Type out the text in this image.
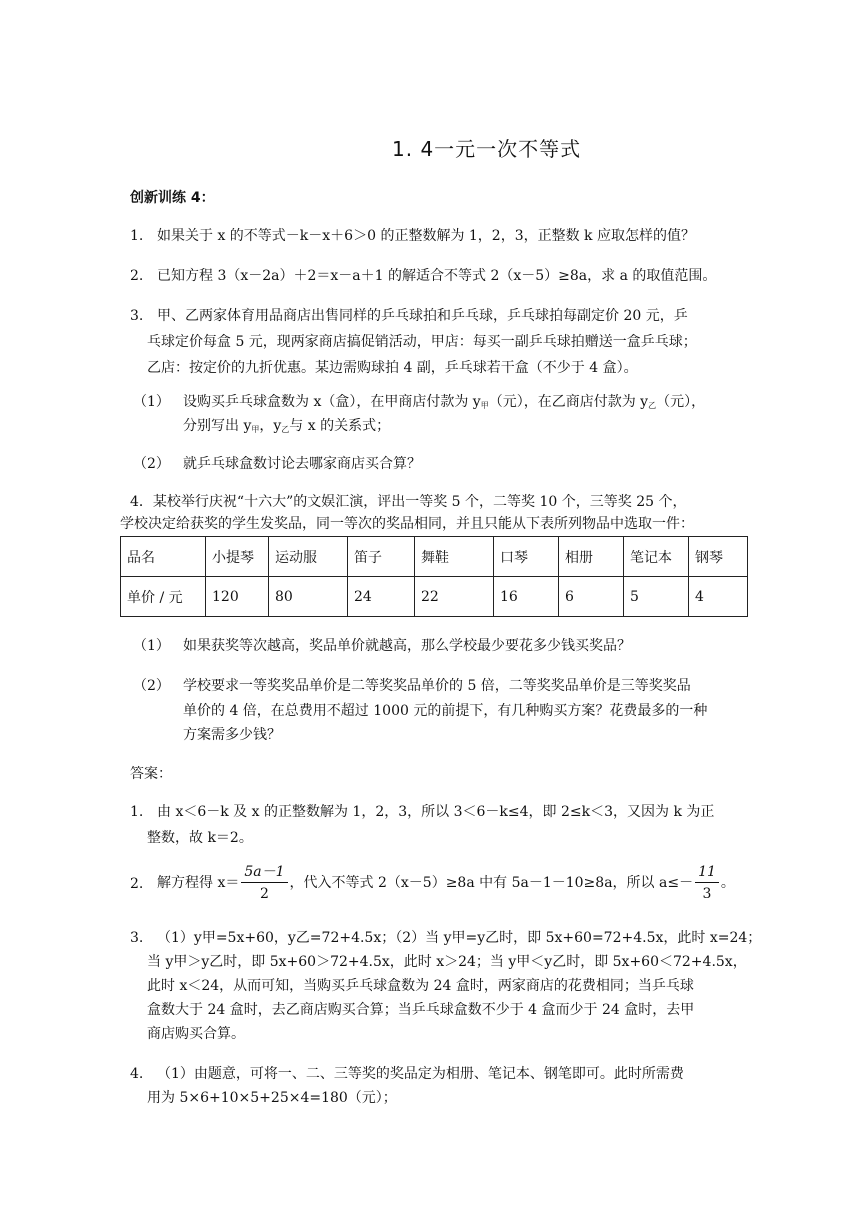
1. 4一元一次不等式
创新训练 4：
1. 如果关于 x 的不等式－k－x＋6＞0 的正整数解为 1，2，3，正整数 k 应取怎样的值？
2. 已知方程 3（x－2a）＋2＝x－a＋1 的解适合不等式 2（x－5）≥8a，求 a 的取值范围。
3. 甲、乙两家体育用品商店出售同样的乒乓球拍和乒乓球，乒乓球拍每副定价 20 元，乒
乓球定价每盒 5 元，现两家商店搞促销活动，甲店：每买一副乒乓球拍赠送一盒乒乓球；
乙店：按定价的九折优惠。某边需购球拍 4 副，乒乓球若干盒（不少于 4 盒）。
（1） 设购买乒乓球盒数为 x（盒），在甲商店付款为 $y_甲$（元），在乙商店付款为 $y_乙$（元），
分别写出 $y_甲$，$y_乙$与 x 的关系式；
（2） 就乒乓球盒数讨论去哪家商店买合算？
4．某校举行庆祝“十六大”的文娱汇演，评出一等奖 5 个，二等奖 10 个，三等奖 25 个，
学校决定给获奖的学生发奖品，同一等次的奖品相同，并且只能从下表所列物品中选取一件：
品名	小提琴	运动服	笛子	舞鞋	口琴	相册	笔记本	钢琴
单价 / 元	120	80	24	22	16	6	5	4
（1） 如果获奖等次越高，奖品单价就越高，那么学校最少要花多少钱买奖品？
（2） 学校要求一等奖奖品单价是二等奖奖品单价的 5 倍，二等奖奖品单价是三等奖奖品
单价的 4 倍，在总费用不超过 1000 元的前提下，有几种购买方案？花费最多的一种
方案需多少钱？
答案：
1. 由 x＜6－k 及 x 的正整数解为 1，2，3，所以 3＜6－k≤4，即 2≤k＜3，又因为 k 为正
整数，故 k＝2。
2. 解方程得 $x= \frac{5a-1}{2}$ ，代入不等式 2（x－5）≥8a 中有 5a－1－10≥8a，所以 $a\le- \frac{11}{3}$ 。
3. （1）y甲=5x+60，y乙=72+4.5x；（2）当 y甲=y乙时，即 5x+60=72+4.5x，此时 x=24；
当 y甲＞y乙时，即 5x+60＞72+4.5x，此时 x＞24；当 y甲＜y乙时，即 5x+60＜72+4.5x，
此时 x＜24，从而可知，当购买乒乓球盒数为 24 盒时，两家商店的花费相同；当乒乓球
盒数大于 24 盒时，去乙商店购买合算；当乒乓球盒数不少于 4 盒而少于 24 盒时，去甲
商店购买合算。
4. （1）由题意，可将一、二、三等奖的奖品定为相册、笔记本、钢笔即可。此时所需费
用为 5×6+10×5+25×4=180（元）；
